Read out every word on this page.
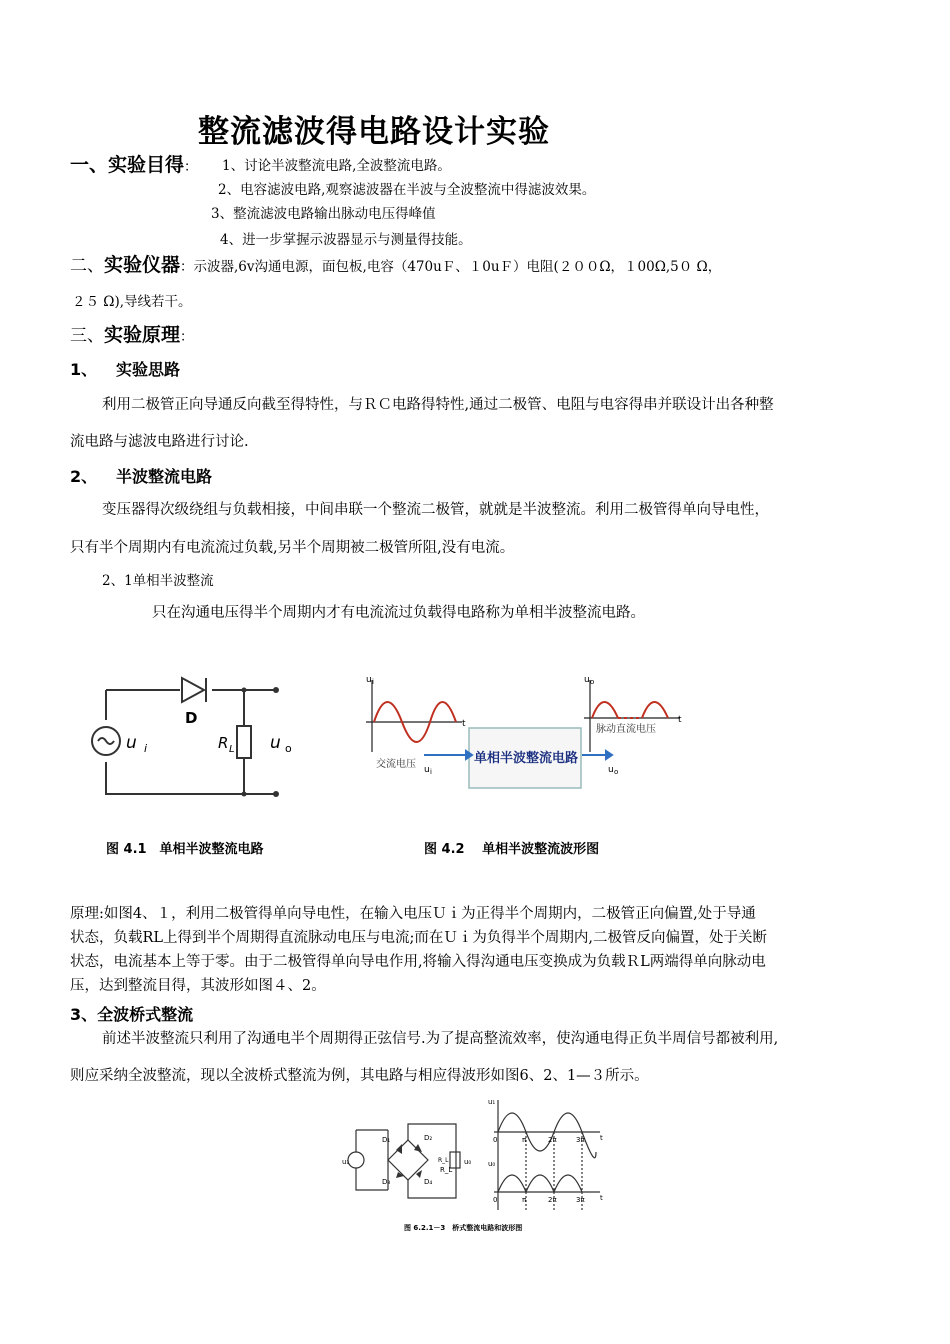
整流滤波得电路设计实验
一、实验目得： 1、讨论半波整流电路,全波整流电路。
2、电容滤波电路,观察滤波器在半波与全波整流中得滤波效果。
3、整流滤波电路输出脉动电压得峰值
4、进一步掌握示波器显示与测量得技能。
二、实验仪器：示波器,6v沟通电源，面包板,电容（470uＦ、１0uＦ）电阻(２００Ω，１00Ω,5０ Ω，
２５ Ω),导线若干。
三、实验原理：
1、 实验思路
利用二极管正向导通反向截至得特性，与ＲＣ电路得特性,通过二极管、电阻与电容得串并联设计出各种整
流电路与滤波电路进行讨论.
2、 半波整流电路
变压器得次级绕组与负载相接，中间串联一个整流二极管，就就是半波整流。利用二极管得单向导电性，
只有半个周期内有电流流过负载,另半个周期被二极管所阻,没有电流。
2、1单相半波整流
只在沟通电压得半个周期内才有电流流过负载得电路称为单相半波整流电路。
D
u i	R L u o
图 4.1　单相半波整流电路
单相半波整流电路
交流电压
脉动直流电压
u i	u o
t	t
u i	u o
图 4.2　 单相半波整流波形图
原理:如图4、１，利用二极管得单向导电性，在输入电压Ｕｉ为正得半个周期内，二极管正向偏置,处于导通
状态，负载RL上得到半个周期得直流脉动电压与电流;而在Ｕｉ为负得半个周期内,二极管反向偏置，处于关断
状态，电流基本上等于零。由于二极管得单向导电作用,将输入得沟通电压变换成为负载ＲL两端得单向脉动电
压，达到整流目得，其波形如图４、2。
3、全波桥式整流
前述半波整流只利用了沟通电半个周期得正弦信号.为了提高整流效率，使沟通电得正负半周信号都被利用,
则应采纳全波整流，现以全波桥式整流为例，其电路与相应得波形如图6、2、1—３所示。
D₁	D₂
D₃	D₄
R_L
R_L
u₁	u₀
u₁
u₀
0
0
π	2π	3π t
π	2π	3π t
图 6.2.1－3　桥式整流电路和波形图
